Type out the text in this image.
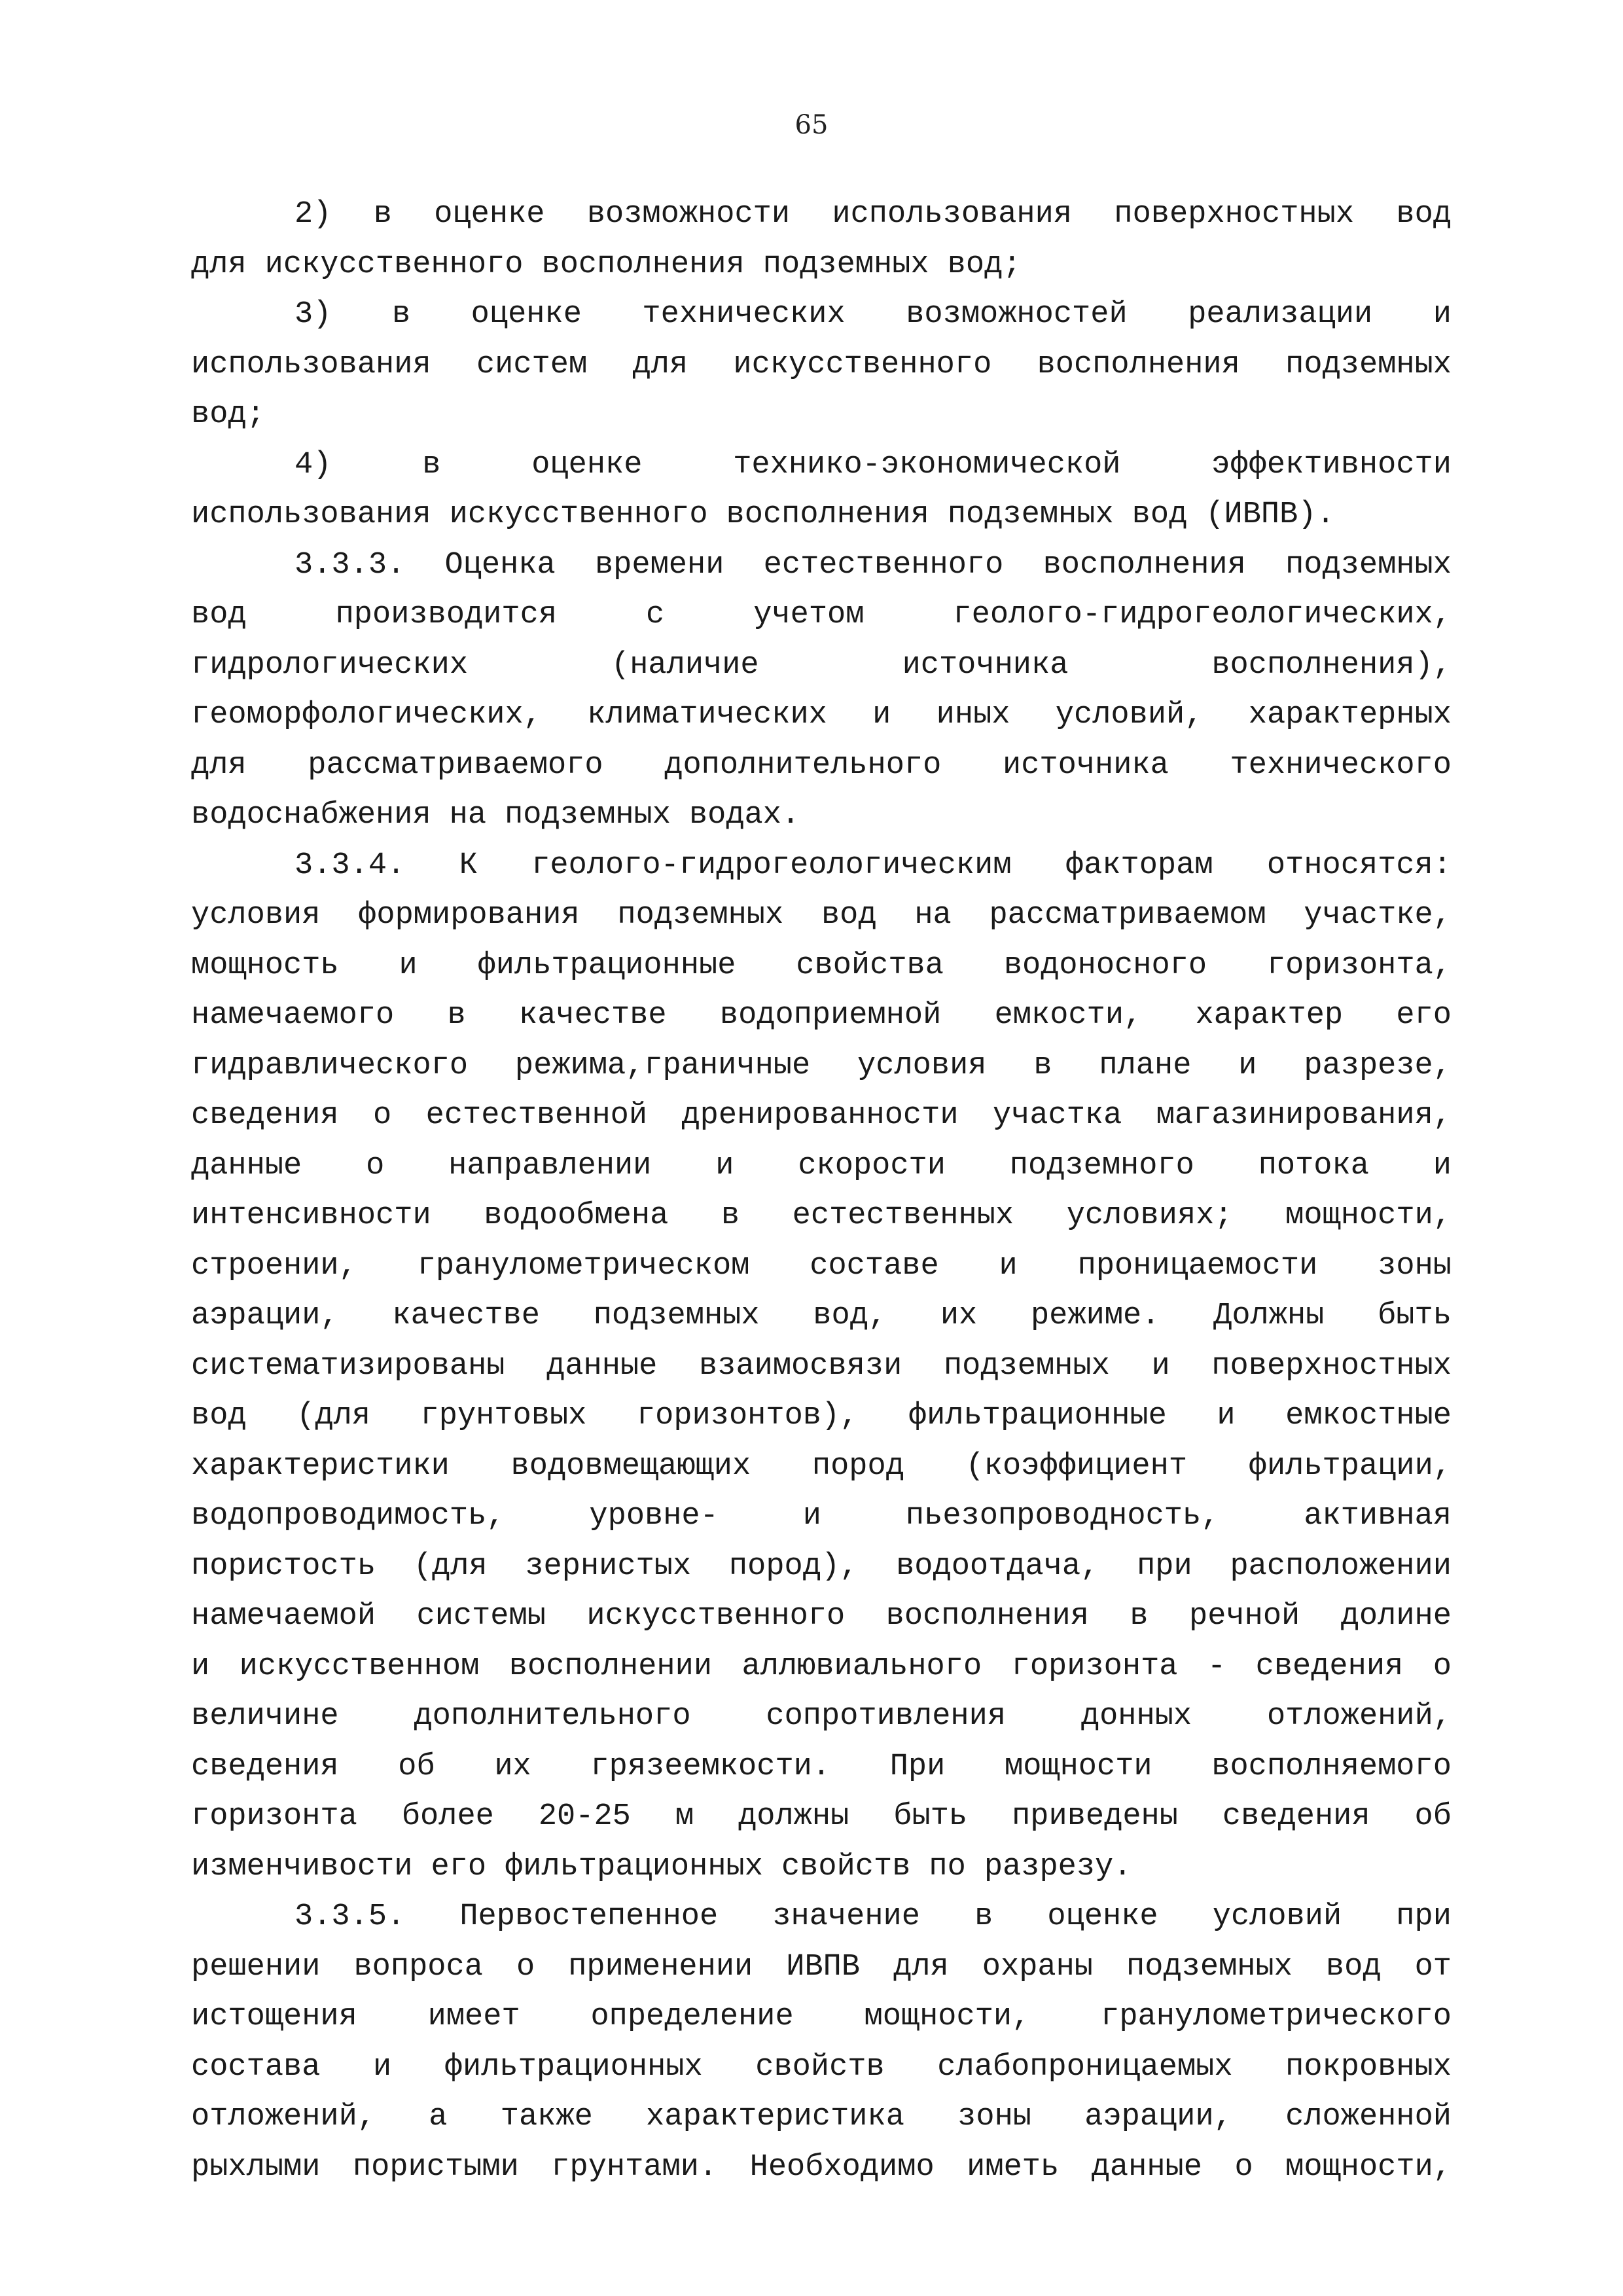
65
2) в оценке возможности использования поверхностных вод
для искусственного восполнения подземных вод;
3) в оценке технических возможностей реализации и
использования систем для искусственного восполнения подземных
вод;
4)	в	оценке	технико-экономической	эффективности
использования искусственного восполнения подземных вод (ИВПВ).
3.3.3. Оценка времени естественного восполнения подземных
вод	производится	с	учетом	геолого-гидрогеологических,
гидрологических	(наличие	источника	восполнения),
геоморфологических, климатических и иных условий, характерных
для рассматриваемого дополнительного источника технического
водоснабжения на подземных водах.
3.3.4. К геолого-гидрогеологическим факторам относятся:
условия формирования подземных вод на рассматриваемом участке,
мощность и фильтрационные свойства водоносного горизонта,
намечаемого в качестве водоприемной емкости, характер его
гидравлического режима,граничные условия в плане и разрезе,
сведения о естественной дренированности участка магазинирования,
данные о направлении и скорости подземного потока и
интенсивности водообмена в естественных условиях; мощности,
строении, гранулометрическом составе и проницаемости зоны
аэрации, качестве подземных вод, их режиме. Должны быть
систематизированы данные взаимосвязи подземных и поверхностных
вод (для грунтовых горизонтов), фильтрационные и емкостные
характеристики водовмещающих пород (коэффициент фильтрации,
водопроводимость,	уровне-	и	пьезопроводность,	активная
пористость (для зернистых пород), водоотдача, при расположении
намечаемой системы искусственного восполнения в речной долине
и искусственном восполнении аллювиального горизонта - сведения о
величине дополнительного сопротивления донных отложений,
сведения об их грязеемкости. При мощности восполняемого
горизонта более 20-25 м должны быть приведены сведения об
изменчивости его фильтрационных свойств по разрезу.
3.3.5. Первостепенное значение в оценке условий при
решении вопроса о применении ИВПВ для охраны подземных вод от
истощения имеет определение мощности, гранулометрического
состава и фильтрационных свойств слабопроницаемых покровных
отложений, а также характеристика зоны аэрации, сложенной
рыхлыми пористыми грунтами. Необходимо иметь данные о мощности,
